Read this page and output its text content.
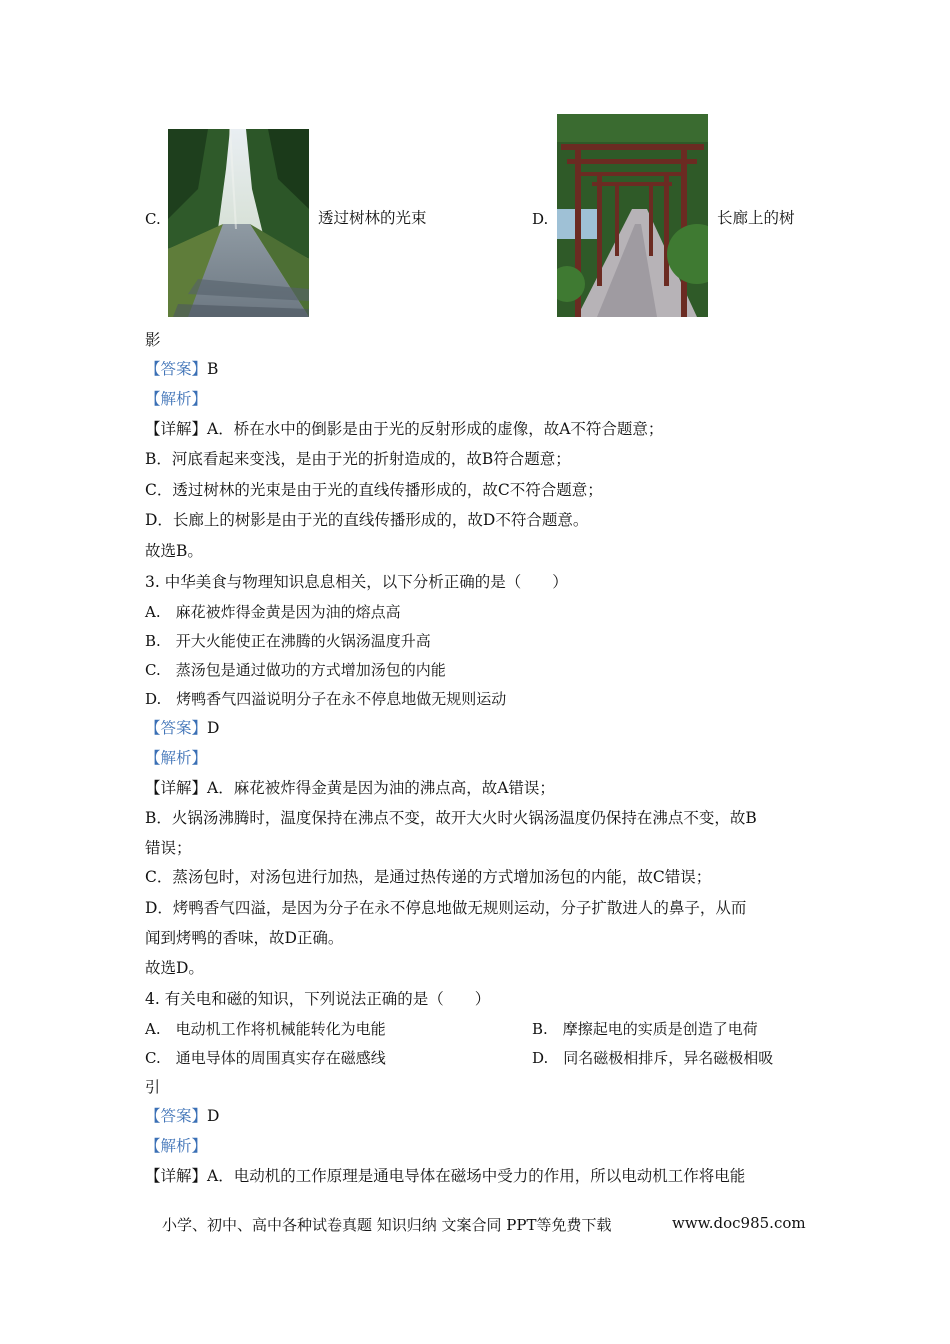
C.	透过树林的光束	D.	长廊上的树
影
【答案】B
【解析】
【详解】A．桥在水中的倒影是由于光的反射形成的虚像，故A不符合题意；
B．河底看起来变浅，是由于光的折射造成的，故B符合题意；
C．透过树林的光束是由于光的直线传播形成的，故C不符合题意；
D．长廊上的树影是由于光的直线传播形成的，故D不符合题意。
故选B。
3. 中华美食与物理知识息息相关，以下分析正确的是（　　）
A.　麻花被炸得金黄是因为油的熔点高
B.　开大火能使正在沸腾的火锅汤温度升高
C.　蒸汤包是通过做功的方式增加汤包的内能
D.　烤鸭香气四溢说明分子在永不停息地做无规则运动
【答案】D
【解析】
【详解】A．麻花被炸得金黄是因为油的沸点高，故A错误；
B．火锅汤沸腾时，温度保持在沸点不变，故开大火时火锅汤温度仍保持在沸点不变，故B
错误；
C．蒸汤包时，对汤包进行加热，是通过热传递的方式增加汤包的内能，故C错误；
D．烤鸭香气四溢，是因为分子在永不停息地做无规则运动，分子扩散进人的鼻子，从而
闻到烤鸭的香味，故D正确。
故选D。
4. 有关电和磁的知识，下列说法正确的是（　　）
A.　电动机工作将机械能转化为电能	B.　摩擦起电的实质是创造了电荷
C.　通电导体的周围真实存在磁感线	D.　同名磁极相排斥，异名磁极相吸
引
【答案】D
【解析】
【详解】A．电动机的工作原理是通电导体在磁场中受力的作用，所以电动机工作将电能
小学、初中、高中各种试卷真题 知识归纳 文案合同 PPT等免费下载	www.doc985.com
